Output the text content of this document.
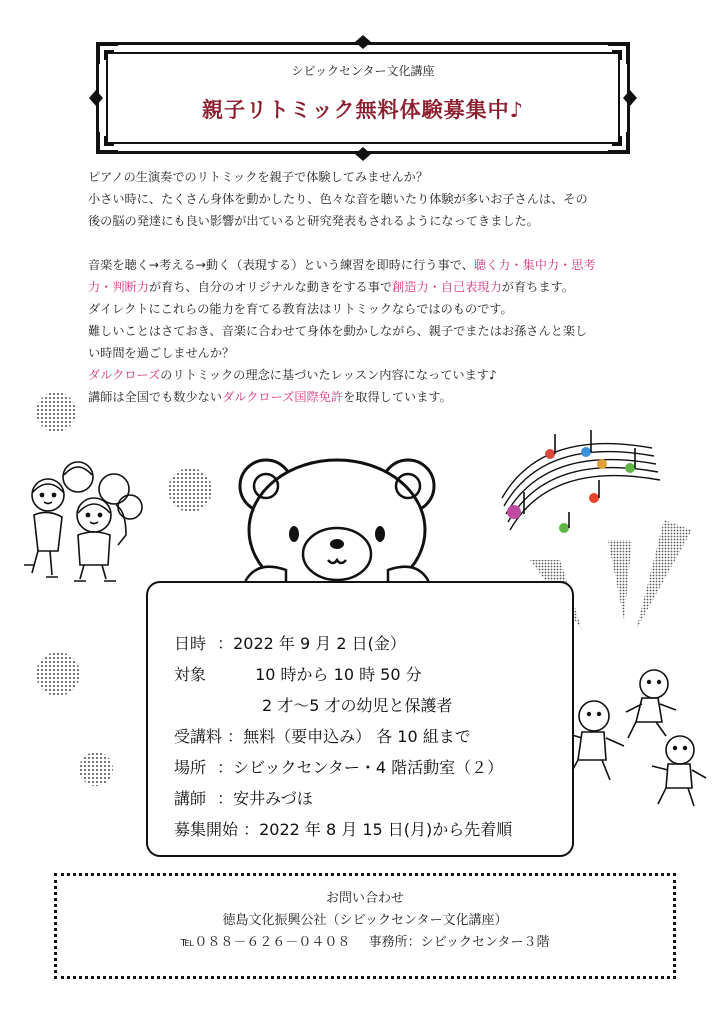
シビックセンター文化講座
親子リトミック無料体験募集中♪

ピアノの生演奏でのリトミックを親子で体験してみませんか？

小さい時に、たくさん身体を動かしたり、色々な音を聴いたり体験が多いお子さんは、その

後の脳の発達にも良い影響が出ていると研究発表もされるようになってきました。

音楽を聴く→考える→動く（表現する）という練習を即時に行う事で、聴く力・集中力・思考

力・判断力が育ち、自分のオリジナルな動きをする事で創造力・自己表現力が育ちます。

ダイレクトにこれらの能力を育てる教育法はリトミックならではのものです。

難しいことはさておき、音楽に合わせて身体を動かしながら、親子でまたはお孫さんと楽し

い時間を過ごしませんか？

ダルクローズのリトミックの理念に基づいたレッスン内容になっています♪

講師は全国でも数少ないダルクローズ国際免許を取得しています。

日時 ：2022 年 9 月 2 日(金）
対象	10 時から 10 時 50 分
2 才～5 才の幼児と保護者
受講料 ：無料（要申込み） 各 10 組まで
場所 ：シビックセンター・4 階活動室（２）
講師 ：安井みづほ
募集開始 ：2022 年 8 月 15 日(月)から先着順
お問い合わせ
徳島文化振興公社（シビックセンター文化講座）
℡０８８－６２６－０４０８ 事務所：シビックセンター３階
